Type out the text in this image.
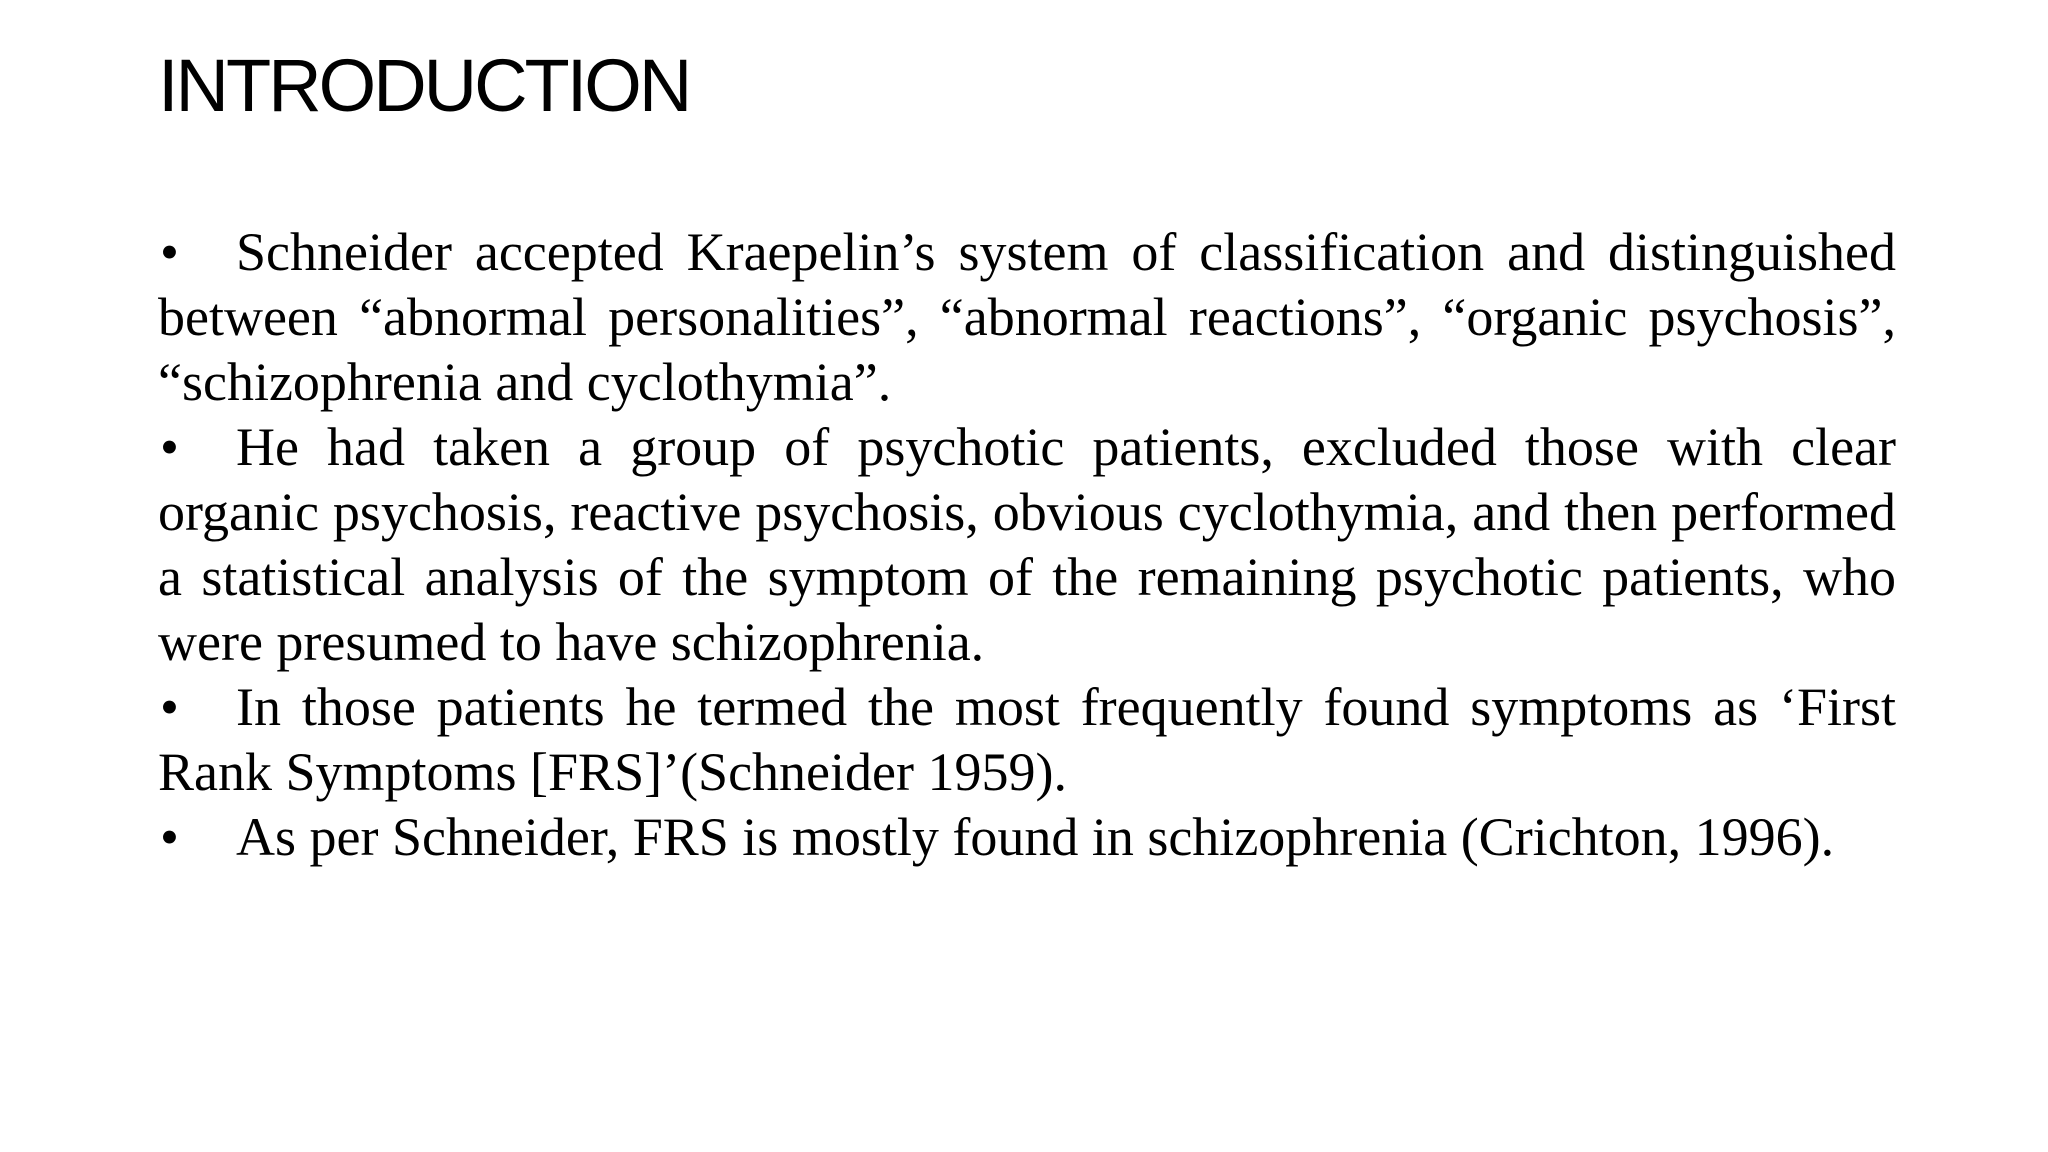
INTRODUCTION
• Schneider accepted Kraepelin’s system of classification and distinguished between “abnormal personalities”, “abnormal reactions”, “organic psychosis”, “schizophrenia and cyclothymia”.
• He had taken a group of psychotic patients, excluded those with clear organic psychosis, reactive psychosis, obvious cyclothymia, and then performed a statistical analysis of the symptom of the remaining psychotic patients, who were presumed to have schizophrenia.
• In those patients he termed the most frequently found symptoms as ‘First Rank Symptoms [FRS]’(Schneider 1959).
• As per Schneider, FRS is mostly found in schizophrenia (Crichton, 1996).
